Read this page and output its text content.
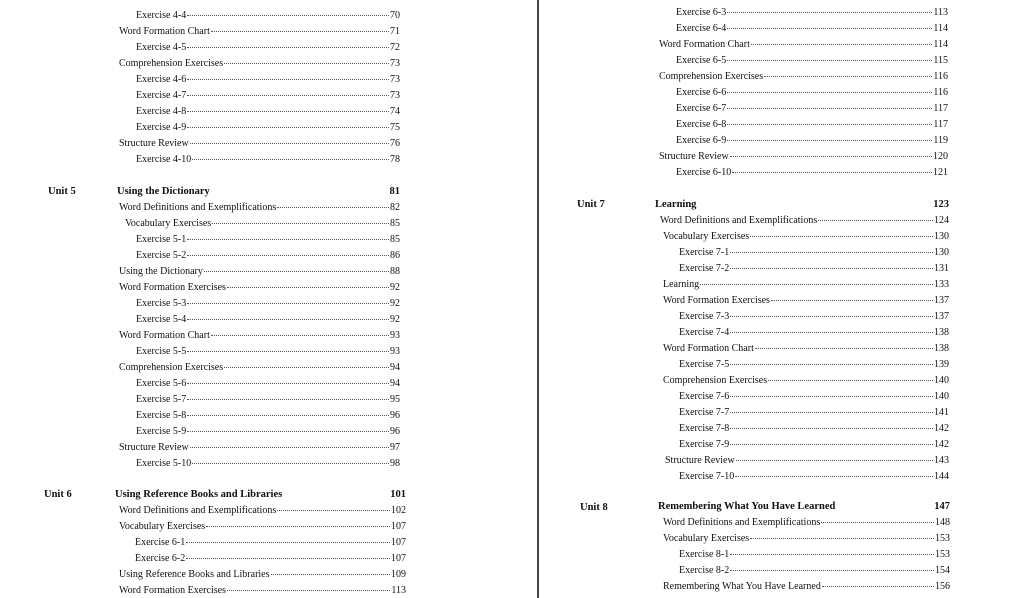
Exercise 4-4	70
Word Formation Chart	71
Exercise 4-5	72
Comprehension Exercises	73
Exercise 4-6	73
Exercise 4-7	73
Exercise 4-8	74
Exercise 4-9	75
Structure Review	76
Exercise 4-10	78
Unit 5	Using the Dictionary	81
Word Definitions and Exemplifications	82
Vocabulary Exercises	85
Exercise 5-1	85
Exercise 5-2	86
Using the Dictionary	88
Word Formation Exercises	92
Exercise 5-3	92
Exercise 5-4	92
Word Formation Chart	93
Exercise 5-5	93
Comprehension Exercises	94
Exercise 5-6	94
Exercise 5-7	95
Exercise 5-8	96
Exercise 5-9	96
Structure Review	97
Exercise 5-10	98
Unit 6	Using Reference Books and Libraries	101
Word Definitions and Exemplifications	102
Vocabulary Exercises	107
Exercise 6-1	107
Exercise 6-2	107
Using Reference Books and Libraries	109
Word Formation Exercises	113
Exercise 6-3	113
Exercise 6-4	114
Word Formation Chart	114
Exercise 6-5	115
Comprehension Exercises	116
Exercise 6-6	116
Exercise 6-7	117
Exercise 6-8	117
Exercise 6-9	119
Structure Review	120
Exercise 6-10	121
Unit 7	Learning	123
Word Definitions and Exemplifications	124
Vocabulary Exercises	130
Exercise 7-1	130
Exercise 7-2	131
Learning	133
Word Formation Exercises	137
Exercise 7-3	137
Exercise 7-4	138
Word Formation Chart	138
Exercise 7-5	139
Comprehension Exercises	140
Exercise 7-6	140
Exercise 7-7	141
Exercise 7-8	142
Exercise 7-9	142
Structure Review	143
Exercise 7-10	144
Unit 8	Remembering What You Have Learned	147
Word Definitions and Exemplifications	148
Vocabulary Exercises	153
Exercise 8-1	153
Exercise 8-2	154
Remembering What You Have Learned	156
